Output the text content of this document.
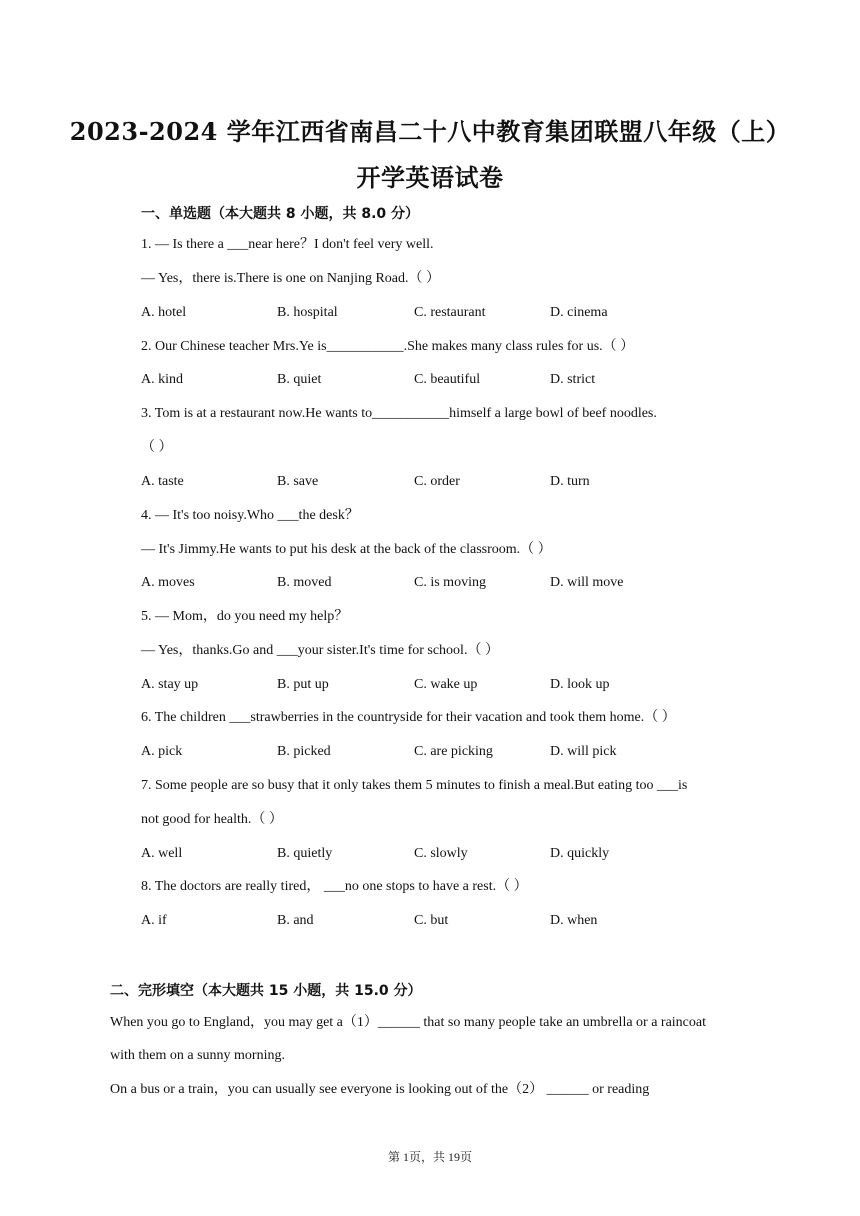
2023-2024 学年江西省南昌二十八中教育集团联盟八年级（上）
开学英语试卷
一、单选题（本大题共 8 小题，共 8.0 分）
1. — Is there a ___near here？I don't feel very well.
— Yes，there is.There is one on Nanjing Road.（ ）
A. hotel	B. hospital	C. restaurant	D. cinema
2. Our Chinese teacher Mrs.Ye is___________.She makes many class rules for us.（ ）
A. kind	B. quiet	C. beautiful	D. strict
3. Tom is at a restaurant now.He wants to___________himself a large bowl of beef noodles.
（ ）
A. taste	B. save	C. order	D. turn
4. — It's too noisy.Who ___the desk？
— It's Jimmy.He wants to put his desk at the back of the classroom.（ ）
A. moves	B. moved	C. is moving	D. will move
5. — Mom，do you need my help？
— Yes，thanks.Go and ___your sister.It's time for school.（ ）
A. stay up	B. put up	C. wake up	D. look up
6. The children ___strawberries in the countryside for their vacation and took them home.（ ）
A. pick	B. picked	C. are picking	D. will pick
7. Some people are so busy that it only takes them 5 minutes to finish a meal.But eating too ___is
not good for health.（ ）
A. well	B. quietly	C. slowly	D. quickly
8. The doctors are really tired， ___no one stops to have a rest.（ ）
A. if	B. and	C. but	D. when
二、完形填空（本大题共 15 小题，共 15.0 分）
When you go to England，you may get a（1）______ that so many people take an umbrella or a raincoat
with them on a sunny morning.
On a bus or a train，you can usually see everyone is looking out of the（2） ______ or reading
第 1页，共 19页
